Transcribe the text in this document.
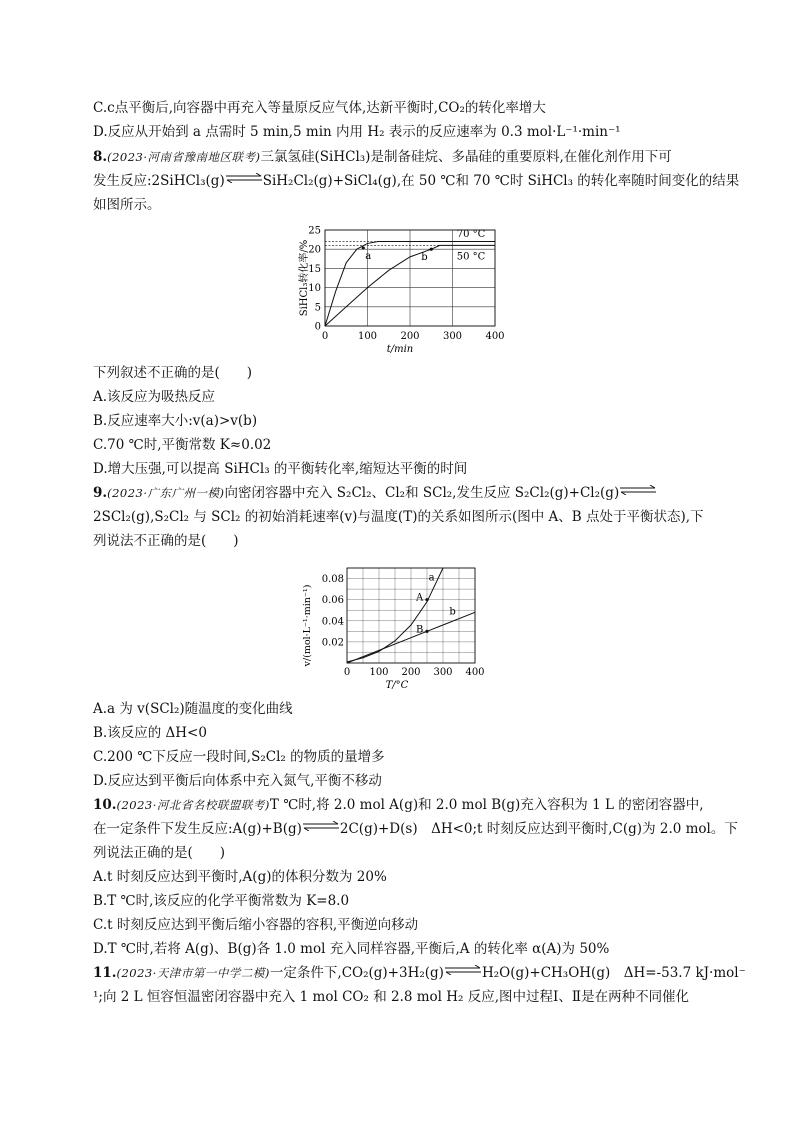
C.c点平衡后,向容器中再充入等量原反应气体,达新平衡时,CO₂的转化率增大
D.反应从开始到 a 点需时 5 min,5 min 内用 H₂ 表示的反应速率为 0.3 mol·L⁻¹·min⁻¹
8.(2023·河南省豫南地区联考)三氯氢硅(SiHCl₃)是制备硅烷、多晶硅的重要原料,在催化剂作用下可
发生反应:2SiHCl₃(g)⇌SiH₂Cl₂(g)+SiCl₄(g),在 50 ℃和 70 ℃时 SiHCl₃ 的转化率随时间变化的结果
如图所示。
0	100 200 300 400
0
5
10
15
20
25
a	b
70 °C
50 °C
t/min
SiHCl₃转化率/%
下列叙述不正确的是(　　)
A.该反应为吸热反应
B.反应速率大小:v(a)>v(b)
C.70 ℃时,平衡常数 K≈0.02
D.增大压强,可以提高 SiHCl₃ 的平衡转化率,缩短达平衡的时间
9.(2023·广东广州一模)向密闭容器中充入 S₂Cl₂、Cl₂和 SCl₂,发生反应 S₂Cl₂(g)+Cl₂(g)⇌
2SCl₂(g),S₂Cl₂ 与 SCl₂ 的初始消耗速率(v)与温度(T)的关系如图所示(图中 A、B 点处于平衡状态),下
列说法不正确的是(　　)
0 100 200 300 400
0.02
0.04
0.06
0.08	a
b
A
B
T/°C
v/(mol·L⁻¹·min⁻¹)
A.a 为 v(SCl₂)随温度的变化曲线
B.该反应的 ΔH<0
C.200 ℃下反应一段时间,S₂Cl₂ 的物质的量增多
D.反应达到平衡后向体系中充入氮气,平衡不移动
10.(2023·河北省名校联盟联考)T ℃时,将 2.0 mol A(g)和 2.0 mol B(g)充入容积为 1 L 的密闭容器中,
在一定条件下发生反应:A(g)+B(g)⇌2C(g)+D(s)　ΔH<0;t 时刻反应达到平衡时,C(g)为 2.0 mol。下
列说法正确的是(　　)
A.t 时刻反应达到平衡时,A(g)的体积分数为 20%
B.T ℃时,该反应的化学平衡常数为 K=8.0
C.t 时刻反应达到平衡后缩小容器的容积,平衡逆向移动
D.T ℃时,若将 A(g)、B(g)各 1.0 mol 充入同样容器,平衡后,A 的转化率 α(A)为 50%
11.(2023·天津市第一中学二模)一定条件下,CO₂(g)+3H₂(g)⇌H₂O(g)+CH₃OH(g)　ΔH=-53.7 kJ·mol⁻
¹;向 2 L 恒容恒温密闭容器中充入 1 mol CO₂ 和 2.8 mol H₂ 反应,图中过程Ⅰ、Ⅱ是在两种不同催化
